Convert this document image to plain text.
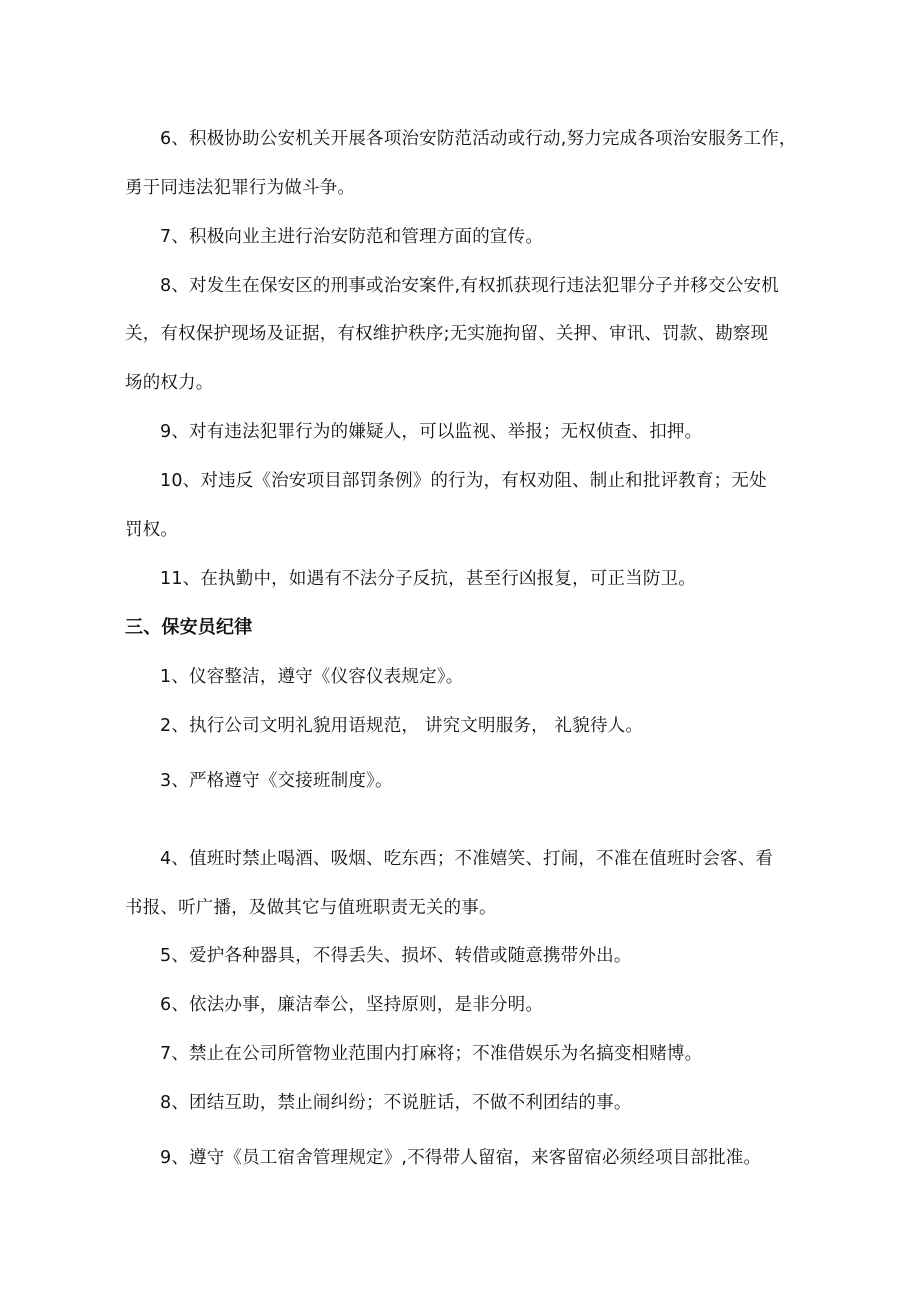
6、积极协助公安机关开展各项治安防范活动或行动,努力完成各项治安服务工作，
勇于同违法犯罪行为做斗争。
7、积极向业主进行治安防范和管理方面的宣传。
8、对发生在保安区的刑事或治安案件,有权抓获现行违法犯罪分子并移交公安机
关，有权保护现场及证据，有权维护秩序;无实施拘留、关押、审讯、罚款、勘察现
场的权力。
9、对有违法犯罪行为的嫌疑人，可以监视、举报；无权侦查、扣押。
10、对违反《治安项目部罚条例》的行为，有权劝阻、制止和批评教育；无处
罚权。
11、在执勤中，如遇有不法分子反抗，甚至行凶报复，可正当防卫。
三、保安员纪律
1、仪容整洁，遵守《仪容仪表规定》。
2、执行公司文明礼貌用语规范， 讲究文明服务， 礼貌待人。
3、严格遵守《交接班制度》。
4、值班时禁止喝酒、吸烟、吃东西；不准嬉笑、打闹，不准在值班时会客、看
书报、听广播，及做其它与值班职责无关的事。
5、爱护各种器具，不得丢失、损坏、转借或随意携带外出。
6、依法办事，廉洁奉公，坚持原则，是非分明。
7、禁止在公司所管物业范围内打麻将；不准借娱乐为名搞变相赌博。
8、团结互助，禁止闹纠纷；不说脏话，不做不利团结的事。
9、遵守《员工宿舍管理规定》,不得带人留宿，来客留宿必须经项目部批准。
